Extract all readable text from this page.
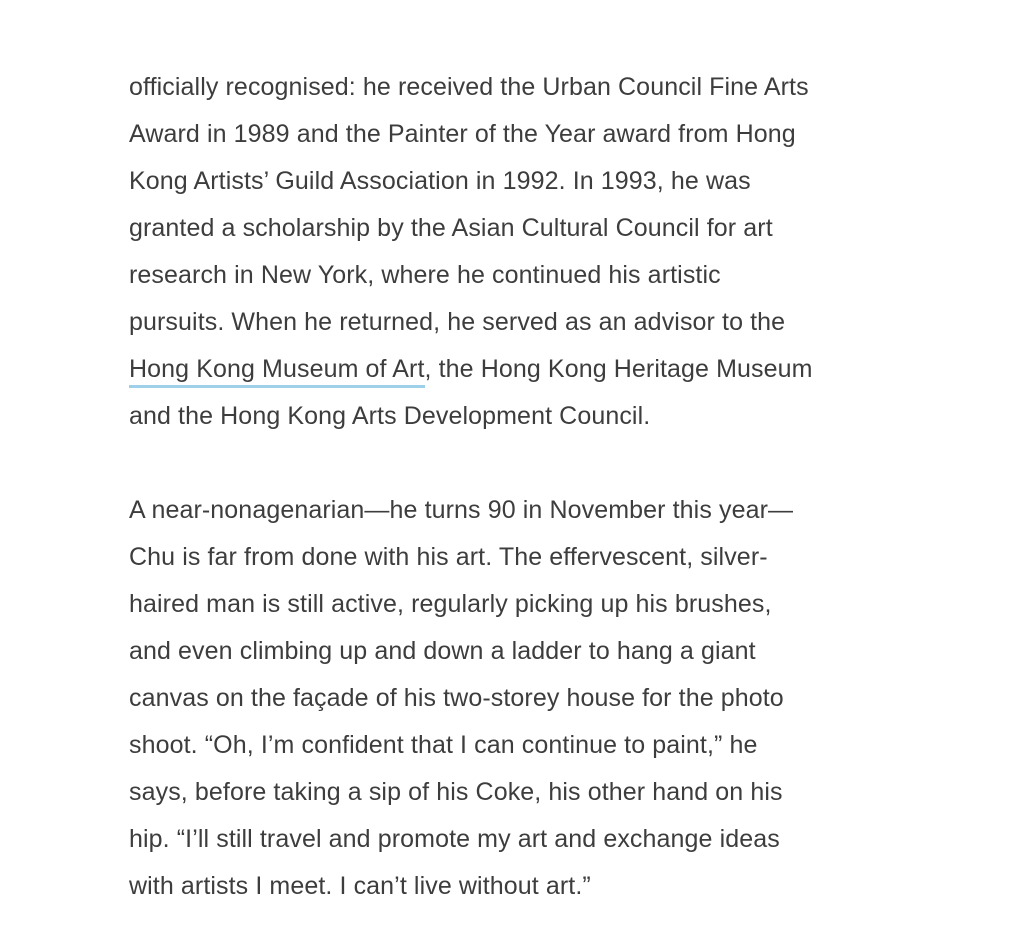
officially recognised: he received the Urban Council Fine Arts
Award in 1989 and the Painter of the Year award from Hong
Kong Artists’ Guild Association in 1992. In 1993, he was
granted a scholarship by the Asian Cultural Council for art
research in New York, where he continued his artistic
pursuits. When he returned, he served as an advisor to the
Hong Kong Museum of Art, the Hong Kong Heritage Museum
and the Hong Kong Arts Development Council.

A near-nonagenarian—he turns 90 in November this year—
Chu is far from done with his art. The effervescent, silver-
haired man is still active, regularly picking up his brushes,
and even climbing up and down a ladder to hang a giant
canvas on the façade of his two-storey house for the photo
shoot. “Oh, I’m confident that I can continue to paint,” he
says, before taking a sip of his Coke, his other hand on his
hip. “I’ll still travel and promote my art and exchange ideas
with artists I meet. I can’t live without art.”
